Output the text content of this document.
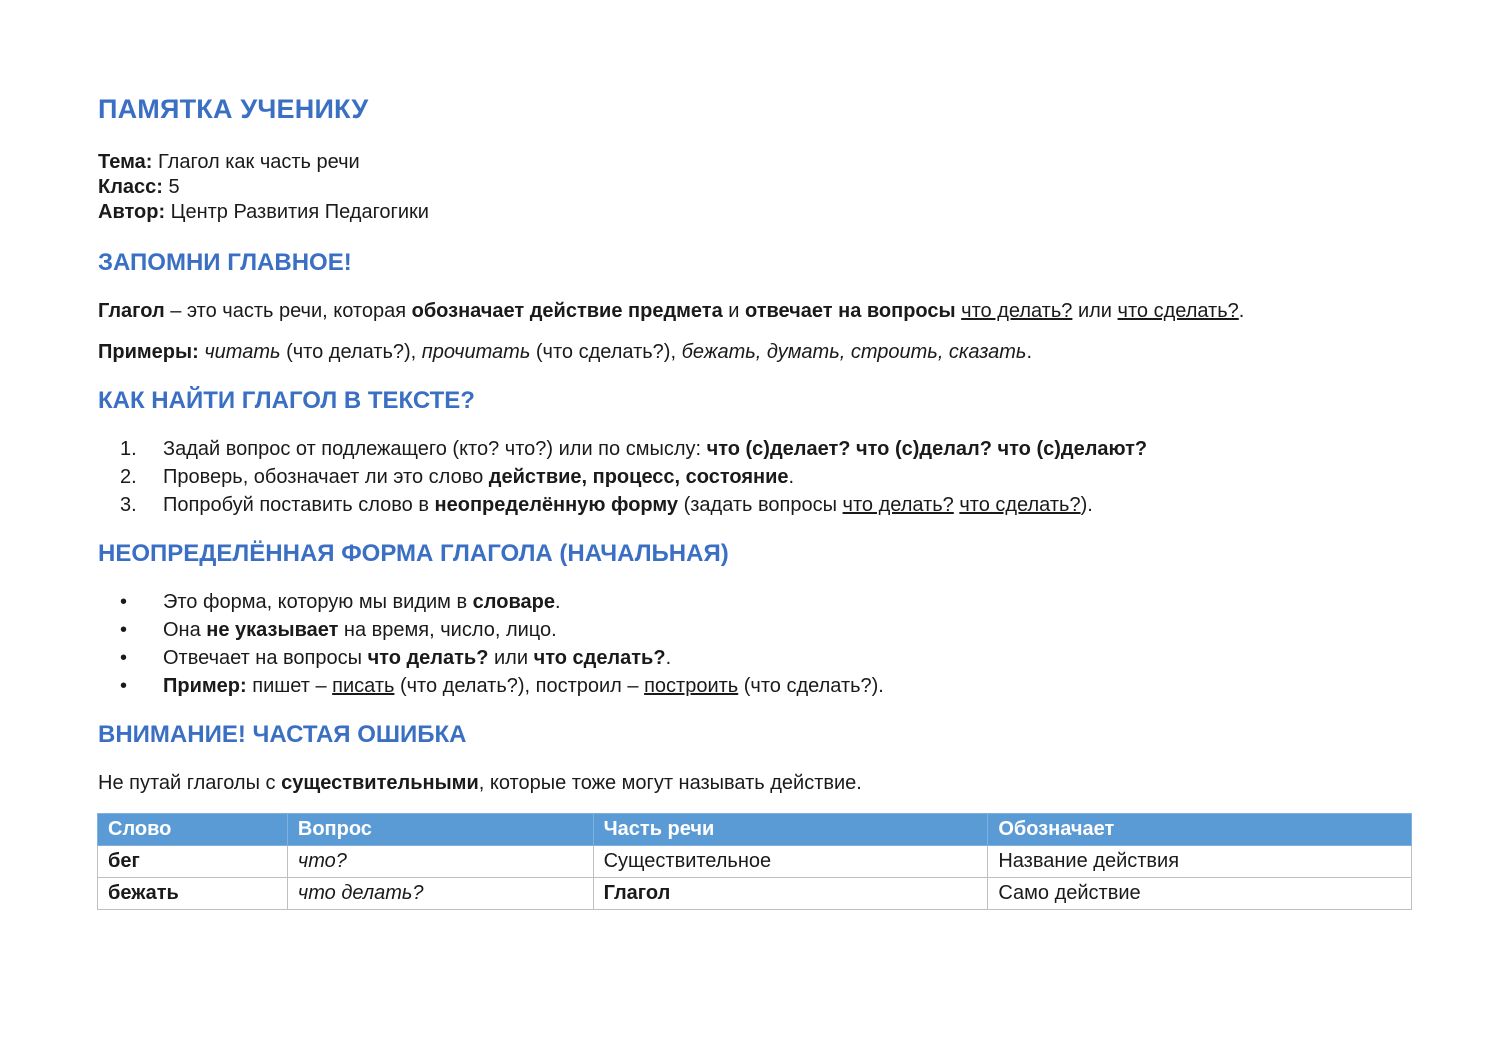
ПАМЯТКА УЧЕНИКУ
Тема: Глагол как часть речи
Класс: 5
Автор: Центр Развития Педагогики
ЗАПОМНИ ГЛАВНОЕ!

Глагол – это часть речи, которая обозначает действие предмета и отвечает на вопросы что делать? или что сделать?.

Примеры: читать (что делать?), прочитать (что сделать?), бежать, думать, строить, сказать.

КАК НАЙТИ ГЛАГОЛ В ТЕКСТЕ?
1. Задай вопрос от подлежащего (кто? что?) или по смыслу: что (с)делает? что (с)делал? что (с)делают?
2. Проверь, обозначает ли это слово действие, процесс, состояние.
3. Попробуй поставить слово в неопределённую форму (задать вопросы что делать? что сделать?).
НЕОПРЕДЕЛЁННАЯ ФОРМА ГЛАГОЛА (НАЧАЛЬНАЯ)
•	Это форма, которую мы видим в словаре.
•	Она не указывает на время, число, лицо.
•	Отвечает на вопросы что делать? или что сделать?.
•	Пример: пишет – писать (что делать?), построил – построить (что сделать?).
ВНИМАНИЕ! ЧАСТАЯ ОШИБКА

Не путай глаголы с существительными, которые тоже могут называть действие.

Слово	Вопрос	Часть речи	Обозначает
бег	что?	Существительное	Название действия
бежать	что делать?	Глагол	Само действие
